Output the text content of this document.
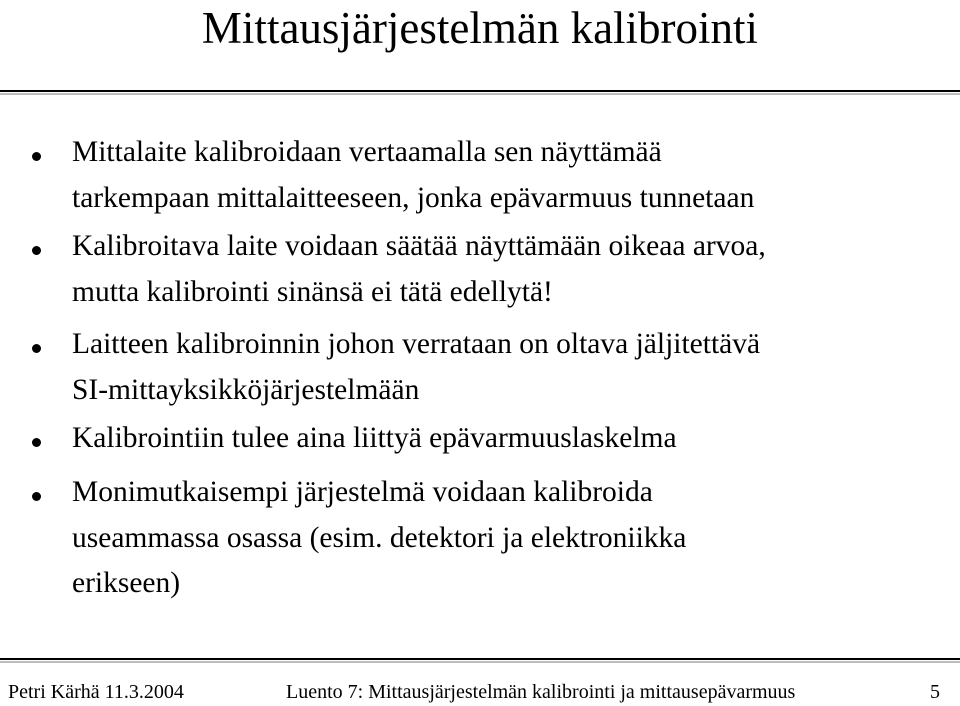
Mittausjärjestelmän kalibrointi
Mittalaite kalibroidaan vertaamalla sen näyttämää
tarkempaan mittalaitteeseen, jonka epävarmuus tunnetaan
Kalibroitava laite voidaan säätää näyttämään oikeaa arvoa,
mutta kalibrointi sinänsä ei tätä edellytä!
Laitteen kalibroinnin johon verrataan on oltava jäljitettävä
SI-mittayksikköjärjestelmään
Kalibrointiin tulee aina liittyä epävarmuuslaskelma
Monimutkaisempi järjestelmä voidaan kalibroida
useammassa osassa (esim. detektori ja elektroniikka
erikseen)
Petri Kärhä 11.3.2004	Luento 7: Mittausjärjestelmän kalibrointi ja mittausepävarmuus	5
